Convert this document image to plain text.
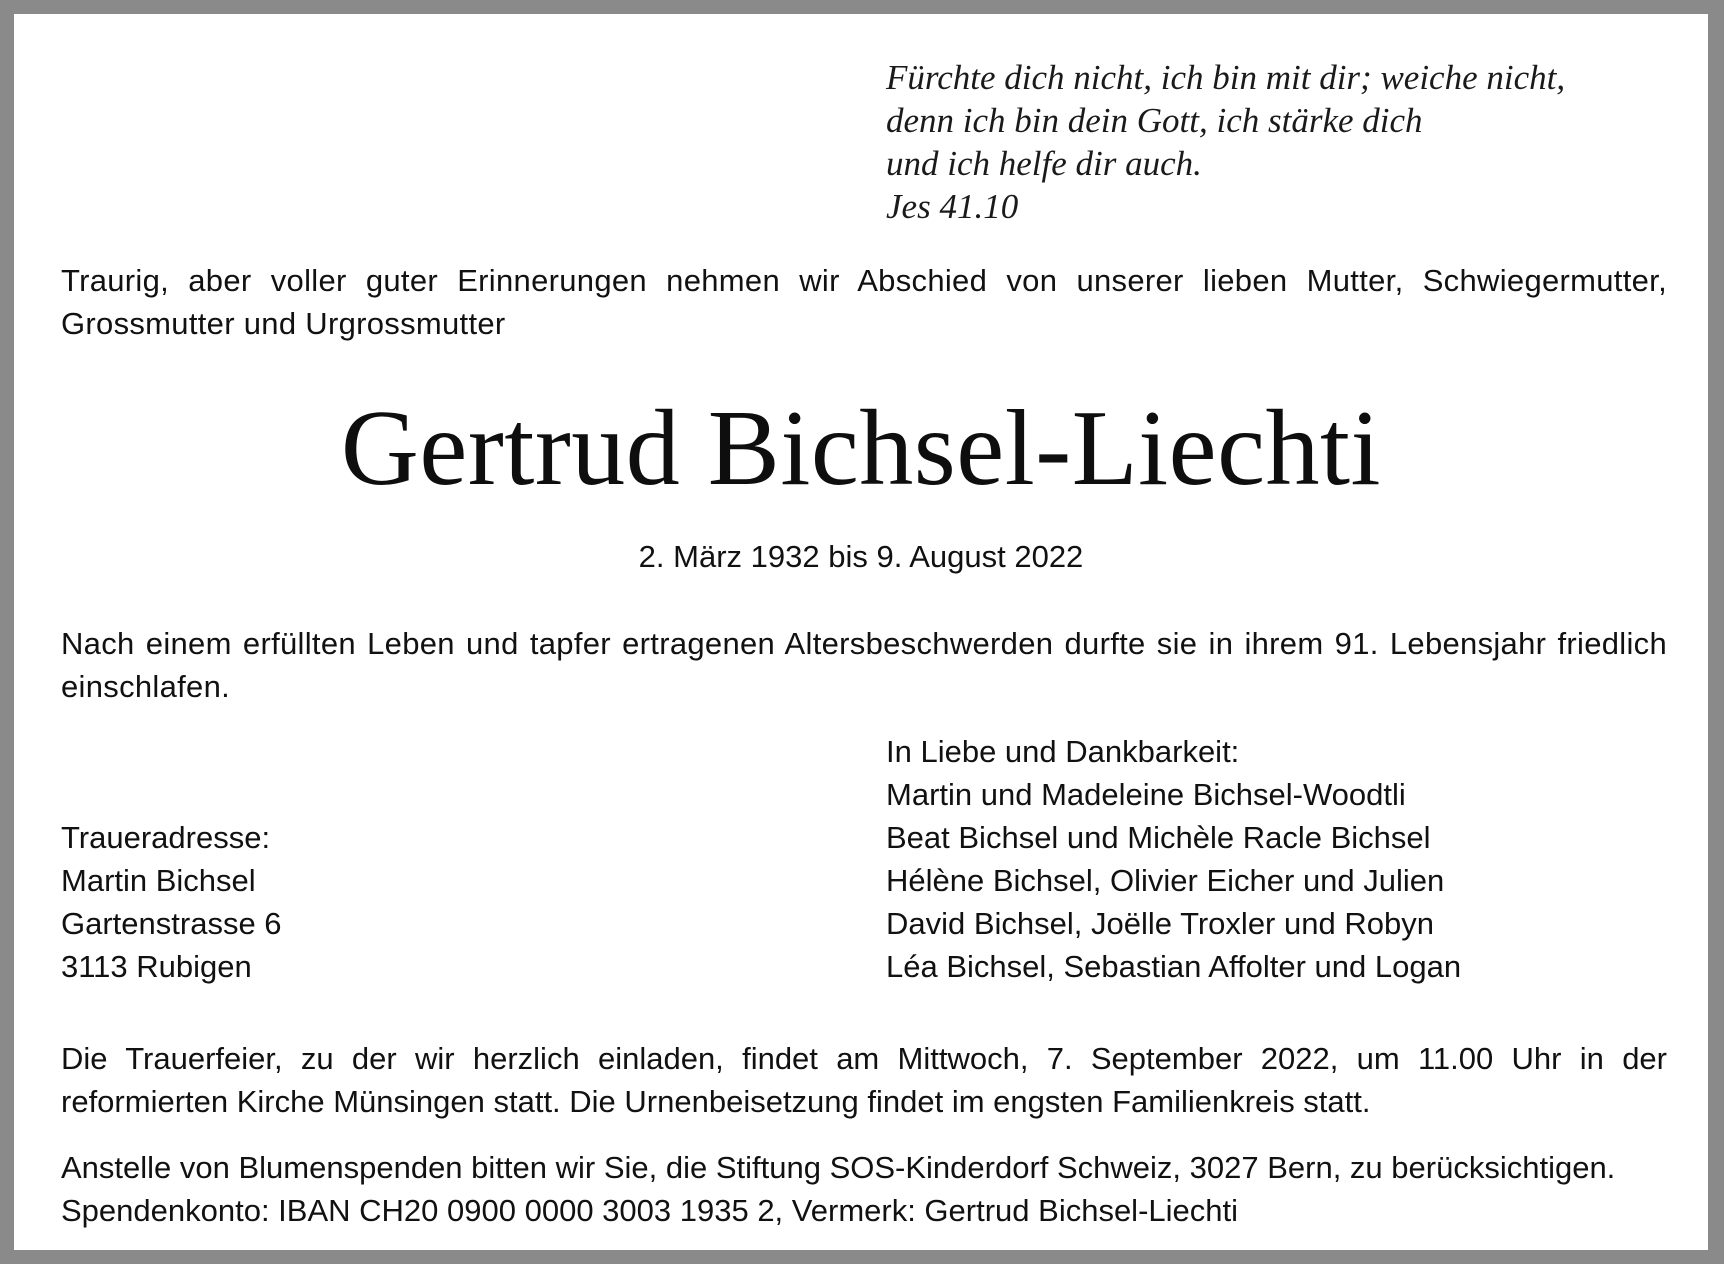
Fürchte dich nicht, ich bin mit dir; weiche nicht,
denn ich bin dein Gott, ich stärke dich
und ich helfe dir auch.
Jes 41.10
Traurig, aber voller guter Erinnerungen nehmen wir Abschied von unserer lieben Mutter, Schwiegermutter, Grossmutter und Urgrossmutter
Gertrud Bichsel-Liechti
2. März 1932 bis 9. August 2022
Nach einem erfüllten Leben und tapfer ertragenen Altersbeschwerden durfte sie in ihrem 91. Lebensjahr friedlich einschlafen.
Traueradresse:
Martin Bichsel
Gartenstrasse 6
3113 Rubigen
In Liebe und Dankbarkeit:
Martin und Madeleine Bichsel-Woodtli
Beat Bichsel und Michèle Racle Bichsel
Hélène Bichsel, Olivier Eicher und Julien
David Bichsel, Joëlle Troxler und Robyn
Léa Bichsel, Sebastian Affolter und Logan
Die Trauerfeier, zu der wir herzlich einladen, findet am Mittwoch, 7. September 2022, um 11.00 Uhr in der reformierten Kirche Münsingen statt. Die Urnenbeisetzung findet im engsten Familienkreis statt.
Anstelle von Blumenspenden bitten wir Sie, die Stiftung SOS-Kinderdorf Schweiz, 3027 Bern, zu berücksichtigen.
Spendenkonto: IBAN CH20 0900 0000 3003 1935 2, Vermerk: Gertrud Bichsel-Liechti
